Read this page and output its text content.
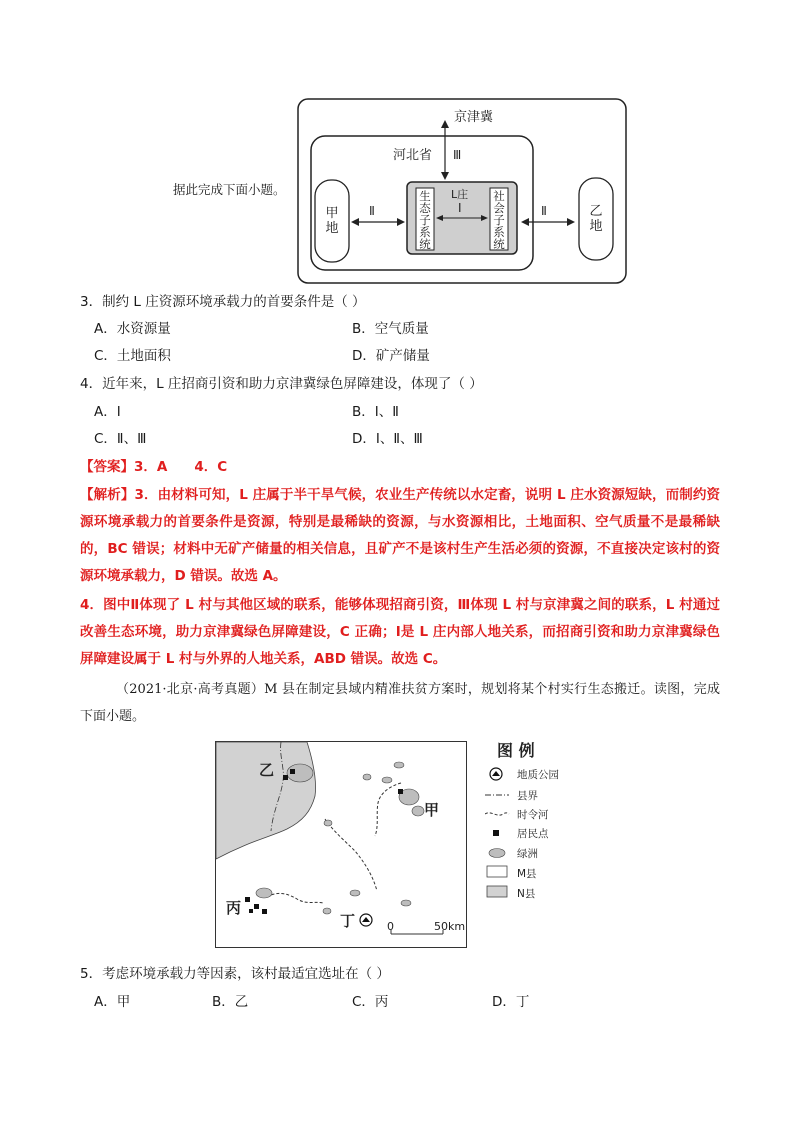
京津冀
河北省 Ⅲ
L庄
Ⅰ
Ⅱ	Ⅱ
甲地
乙地
生态子系统
社会子系统
据此完成下面小题。
3．制约 L 庄资源环境承载力的首要条件是（ ）
A．水资源量	B．空气质量
C．土地面积	D．矿产储量
4．近年来，L 庄招商引资和助力京津冀绿色屏障建设，体现了（ ）
A．Ⅰ	B．Ⅰ、Ⅱ
C．Ⅱ、Ⅲ	D．Ⅰ、Ⅱ、Ⅲ
【答案】3．A　　4．C
【解析】3．由材料可知，L 庄属于半干旱气候，农业生产传统以水定畜，说明 L 庄水资源短缺，而制约资源环境承载力的首要条件是资源，特别是最稀缺的资源，与水资源相比，土地面积、空气质量不是最稀缺的，BC 错误；材料中无矿产储量的相关信息，且矿产不是该村生产生活必须的资源，不直接决定该村的资源环境承载力，D 错误。故选 A。
4．图中Ⅱ体现了 L 村与其他区域的联系，能够体现招商引资，Ⅲ体现 L 村与京津冀之间的联系，L 村通过改善生态环境，助力京津冀绿色屏障建设，C 正确；Ⅰ是 L 庄内部人地关系，而招商引资和助力京津冀绿色屏障建设属于 L 村与外界的人地关系，ABD 错误。故选 C。
（2021·北京·高考真题）M 县在制定县域内精准扶贫方案时，规划将某个村实行生态搬迁。读图，完成下面小题。
乙
甲
丙
丁	0	50km
图 例
地质公园
县界
时令河
居民点
绿洲
M县
N县
5．考虑环境承载力等因素，该村最适宜选址在（ ）
A．甲	B．乙	C．丙	D．丁
